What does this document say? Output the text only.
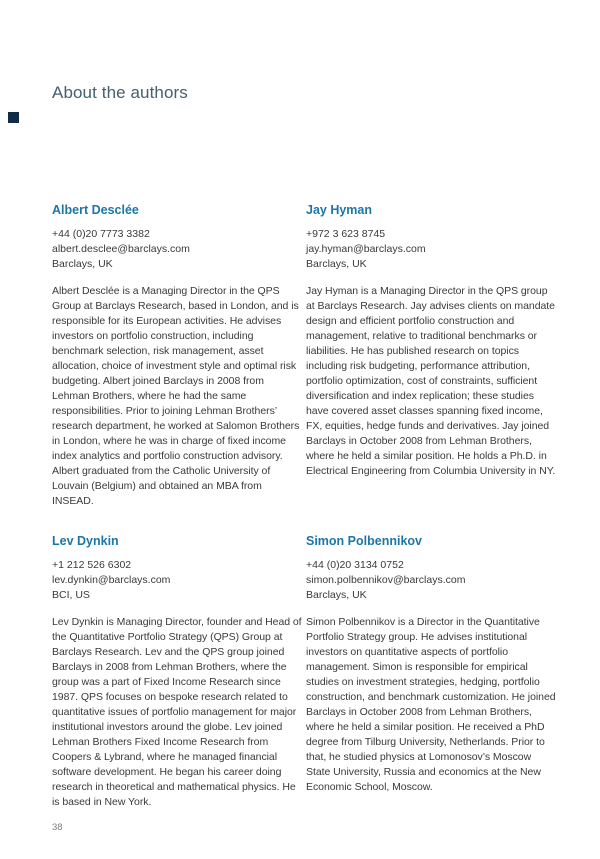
About the authors
Albert Desclée
+44 (0)20 7773 3382
albert.desclee@barclays.com
Barclays, UK

Albert Desclée is a Managing Director in the QPS Group at Barclays Research, based in London, and is responsible for its European activities. He advises investors on portfolio construction, including benchmark selection, risk management, asset allocation, choice of investment style and optimal risk budgeting. Albert joined Barclays in 2008 from Lehman Brothers, where he had the same responsibilities. Prior to joining Lehman Brothers’ research department, he worked at Salomon Brothers in London, where he was in charge of fixed income index analytics and portfolio construction advisory. Albert graduated from the Catholic University of Louvain (Belgium) and obtained an MBA from INSEAD.

Jay Hyman
+972 3 623 8745
jay.hyman@barclays.com
Barclays, UK

Jay Hyman is a Managing Director in the QPS group at Barclays Research. Jay advises clients on mandate design and efficient portfolio construction and management, relative to traditional benchmarks or liabilities. He has published research on topics including risk budgeting, performance attribution, portfolio optimization, cost of constraints, sufficient diversification and index replication; these studies have covered asset classes spanning fixed income, FX, equities, hedge funds and derivatives. Jay joined Barclays in October 2008 from Lehman Brothers, where he held a similar position. He holds a Ph.D. in Electrical Engineering from Columbia University in NY.

Lev Dynkin
+1 212 526 6302
lev.dynkin@barclays.com
BCI, US

Lev Dynkin is Managing Director, founder and Head of the Quantitative Portfolio Strategy (QPS) Group at Barclays Research. Lev and the QPS group joined Barclays in 2008 from Lehman Brothers, where the group was a part of Fixed Income Research since 1987. QPS focuses on bespoke research related to quantitative issues of portfolio management for major institutional investors around the globe. Lev joined Lehman Brothers Fixed Income Research from Coopers & Lybrand, where he managed financial software development. He began his career doing research in theoretical and mathematical physics. He is based in New York.

Simon Polbennikov
+44 (0)20 3134 0752
simon.polbennikov@barclays.com
Barclays, UK

Simon Polbennikov is a Director in the Quantitative Portfolio Strategy group. He advises institutional investors on quantitative aspects of portfolio management. Simon is responsible for empirical studies on investment strategies, hedging, portfolio construction, and benchmark customization. He joined Barclays in October 2008 from Lehman Brothers, where he held a similar position. He received a PhD degree from Tilburg University, Netherlands. Prior to that, he studied physics at Lomonosov’s Moscow State University, Russia and economics at the New Economic School, Moscow.

38
